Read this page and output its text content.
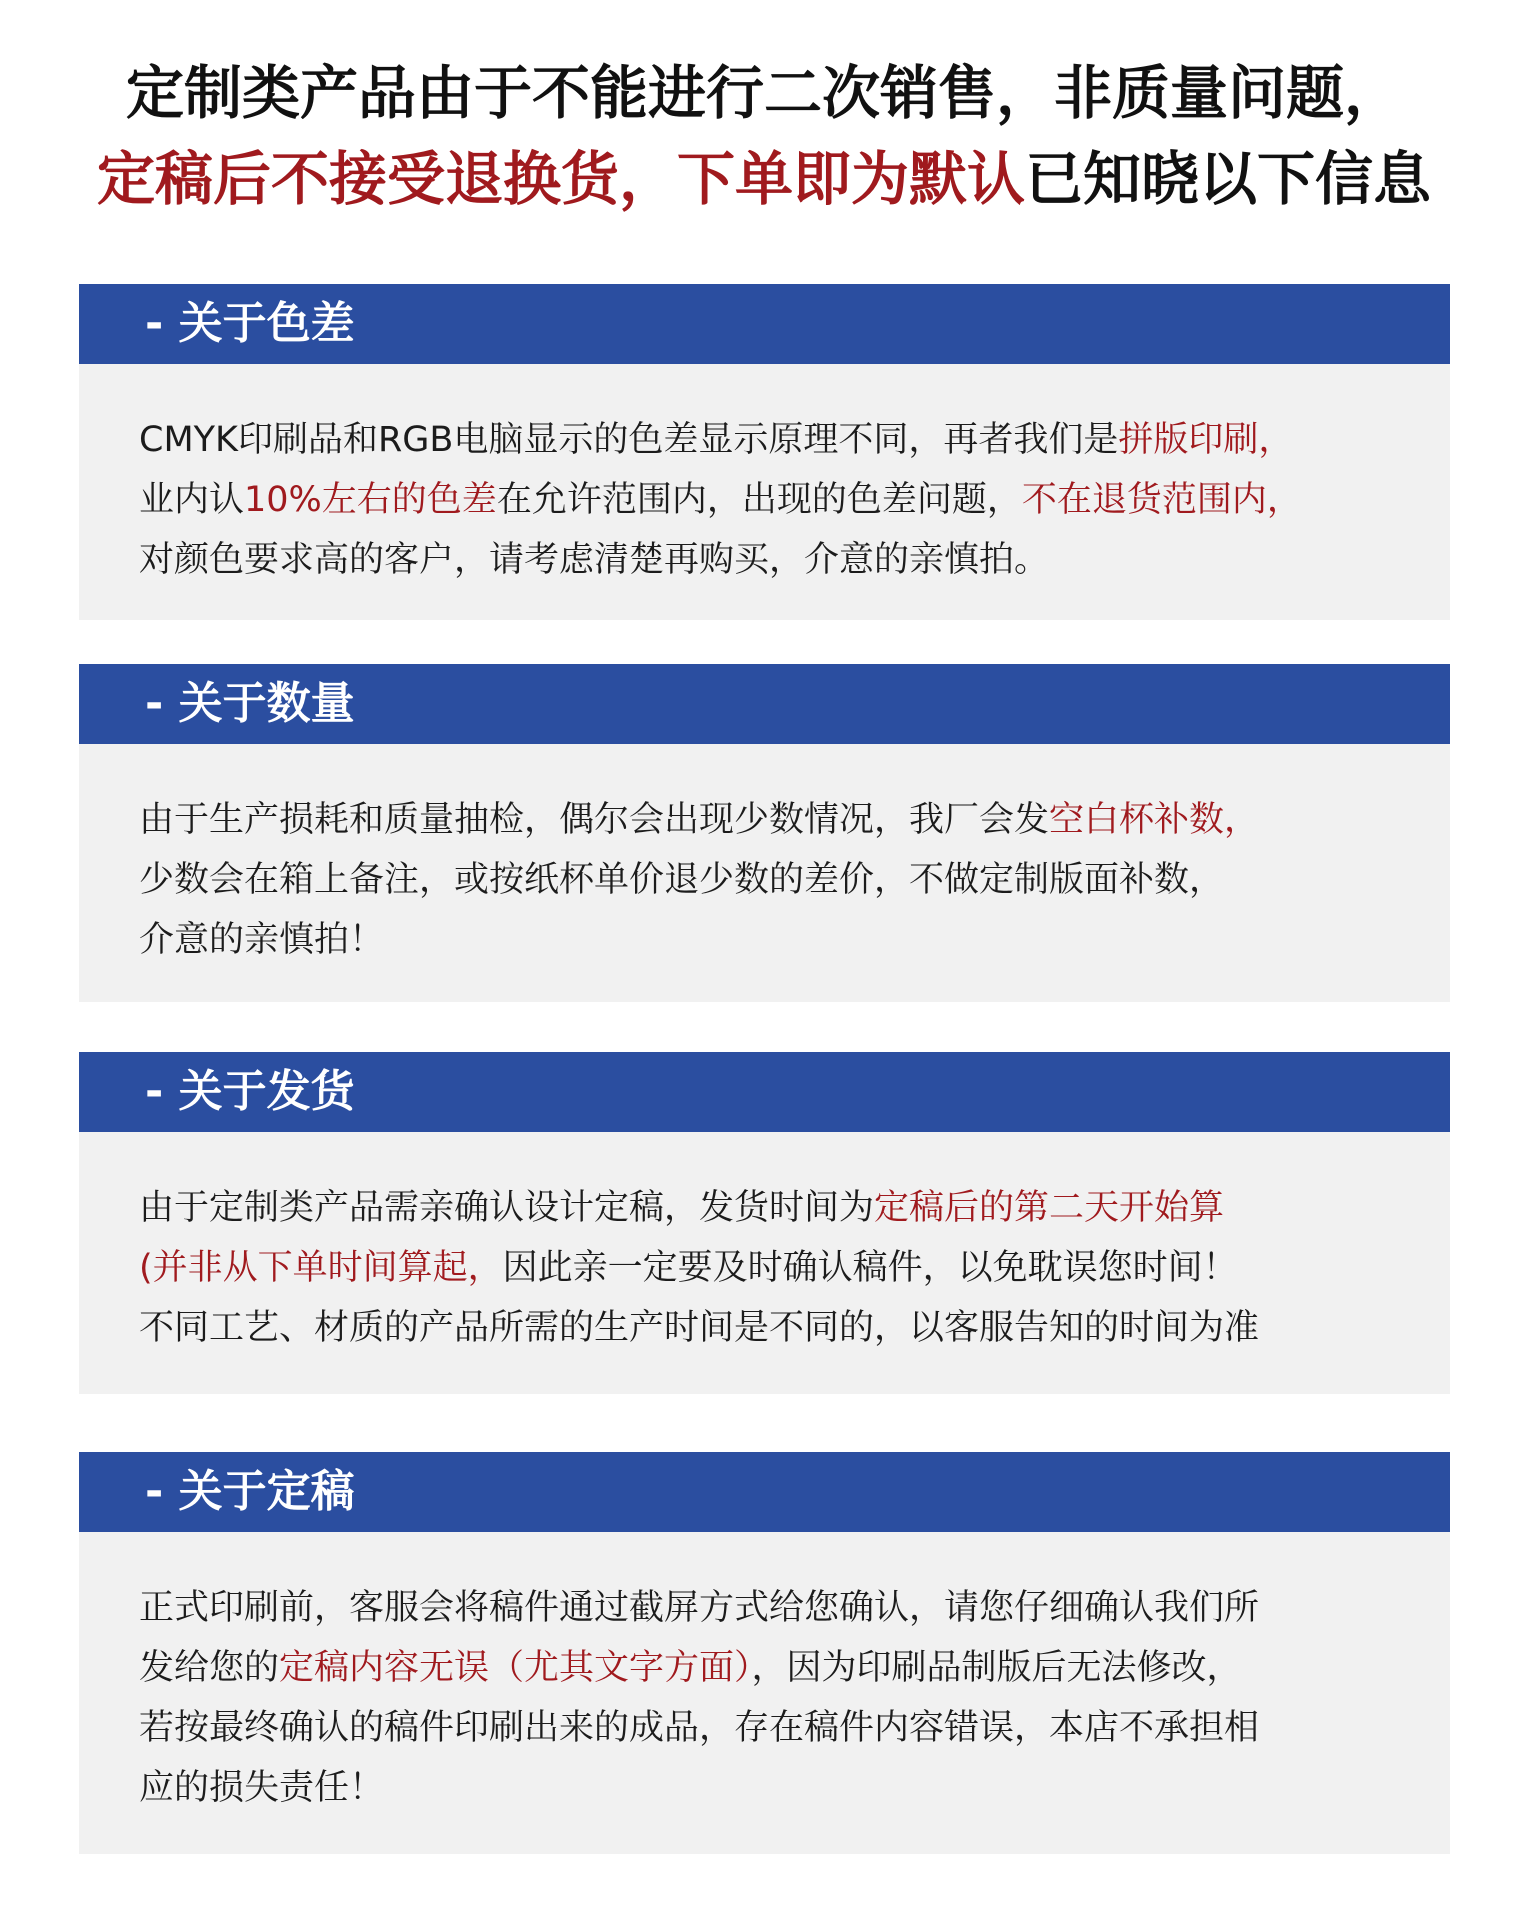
定制类产品由于不能进行二次销售，非质量问题，
定稿后不接受退换货，下单即为默认已知晓以下信息
- 关于色差
CMYK印刷品和RGB电脑显示的色差显示原理不同，再者我们是拼版印刷，
业内认10%左右的色差在允许范围内，出现的色差问题，不在退货范围内，
对颜色要求高的客户，请考虑清楚再购买，介意的亲慎拍。
- 关于数量
由于生产损耗和质量抽检，偶尔会出现少数情况，我厂会发空白杯补数，
少数会在箱上备注，或按纸杯单价退少数的差价，不做定制版面补数，
介意的亲慎拍！
- 关于发货
由于定制类产品需亲确认设计定稿，发货时间为定稿后的第二天开始算
(并非从下单时间算起，因此亲一定要及时确认稿件，以免耽误您时间！
不同工艺、材质的产品所需的生产时间是不同的，以客服告知的时间为准
- 关于定稿
正式印刷前，客服会将稿件通过截屏方式给您确认，请您仔细确认我们所
发给您的定稿内容无误（尤其文字方面），因为印刷品制版后无法修改，
若按最终确认的稿件印刷出来的成品，存在稿件内容错误，本店不承担相
应的损失责任！
